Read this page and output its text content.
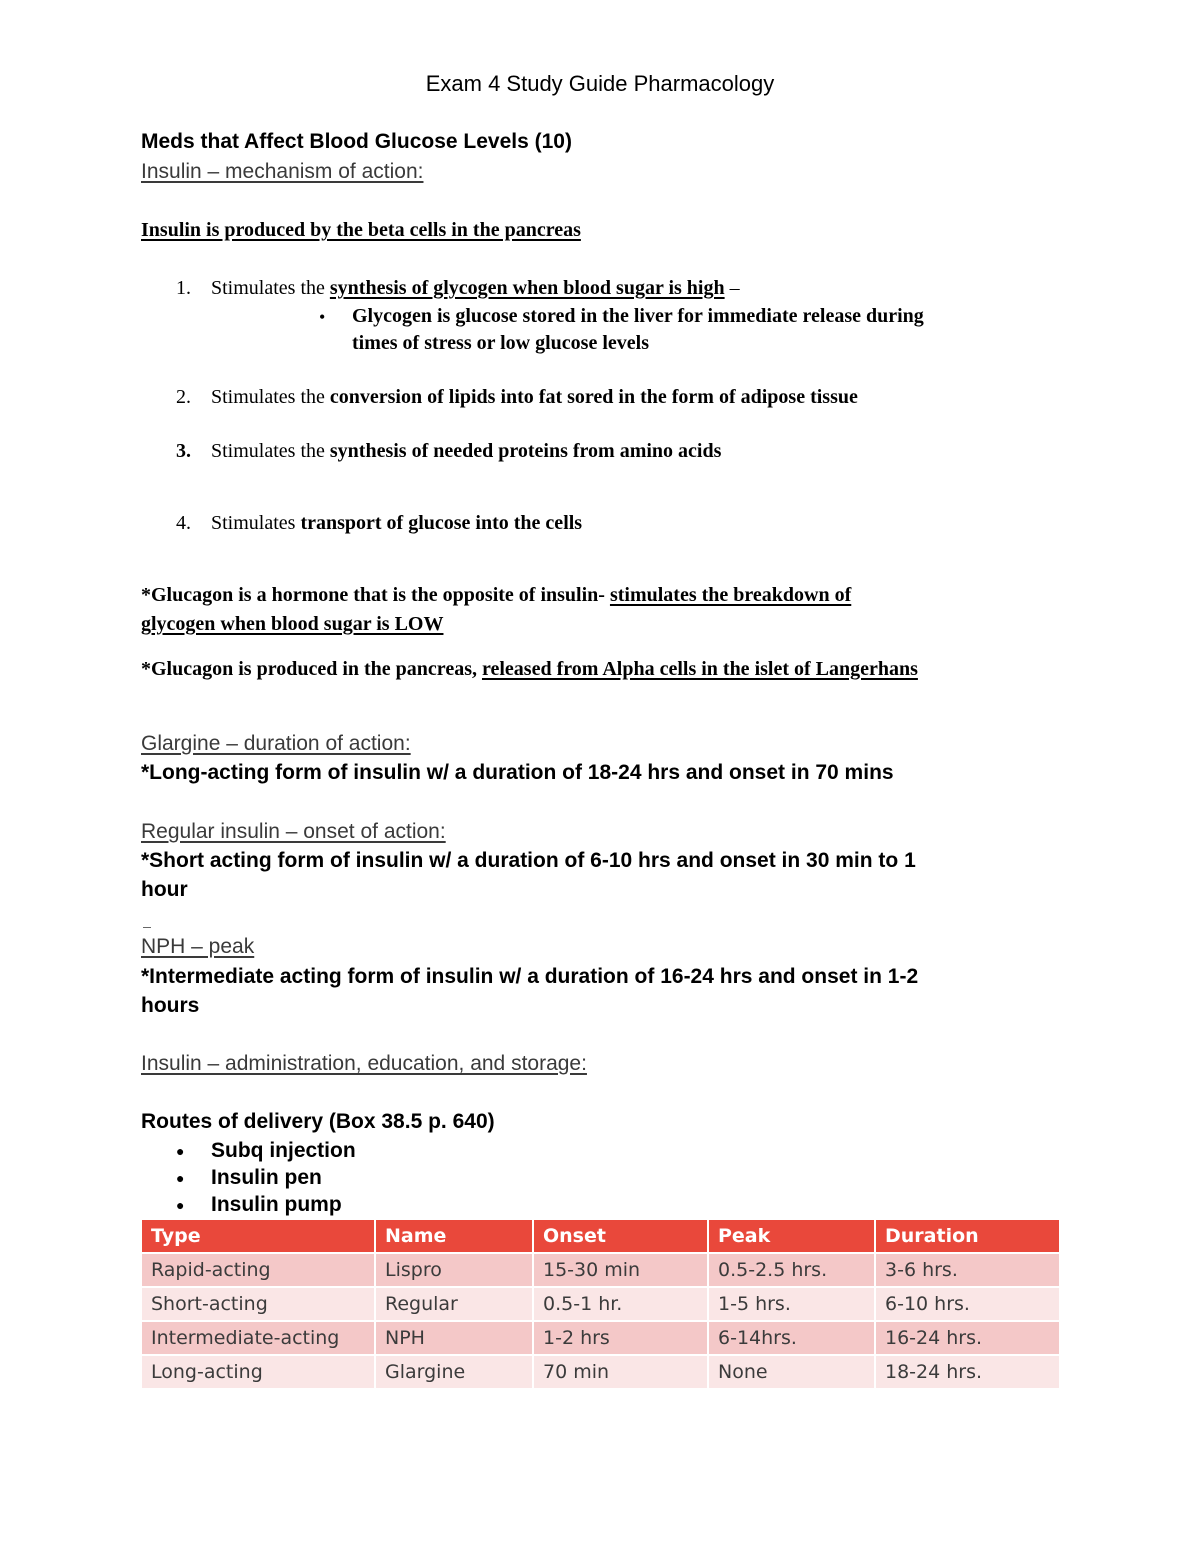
Exam 4 Study Guide Pharmacology
Meds that Affect Blood Glucose Levels (10)
Insulin – mechanism of action:
Insulin is produced by the beta cells in the pancreas
1. Stimulates the synthesis of glycogen when blood sugar is high –
• Glycogen is glucose stored in the liver for immediate release during
times of stress or low glucose levels
2. Stimulates the conversion of lipids into fat sored in the form of adipose tissue
3. Stimulates the synthesis of needed proteins from amino acids
4. Stimulates transport of glucose into the cells
*Glucagon is a hormone that is the opposite of insulin- stimulates the breakdown of
glycogen when blood sugar is LOW
*Glucagon is produced in the pancreas, released from Alpha cells in the islet of Langerhans
Glargine – duration of action:
*Long-acting form of insulin w/ a duration of 18-24 hrs and onset in 70 mins
Regular insulin – onset of action:
*Short acting form of insulin w/ a duration of 6-10 hrs and onset in 30 min to 1
hour
NPH – peak
*Intermediate acting form of insulin w/ a duration of 16-24 hrs and onset in 1-2
hours
Insulin – administration, education, and storage:
Routes of delivery (Box 38.5 p. 640)
● Subq injection
● Insulin pen
● Insulin pump
Type	Name	Onset	Peak	Duration
Rapid-acting	Lispro	15-30 min	0.5-2.5 hrs.	3-6 hrs.
Short-acting	Regular	0.5-1 hr.	1-5 hrs.	6-10 hrs.
Intermediate-acting	NPH	1-2 hrs	6-14hrs.	16-24 hrs.
Long-acting	Glargine	70 min	None	18-24 hrs.
